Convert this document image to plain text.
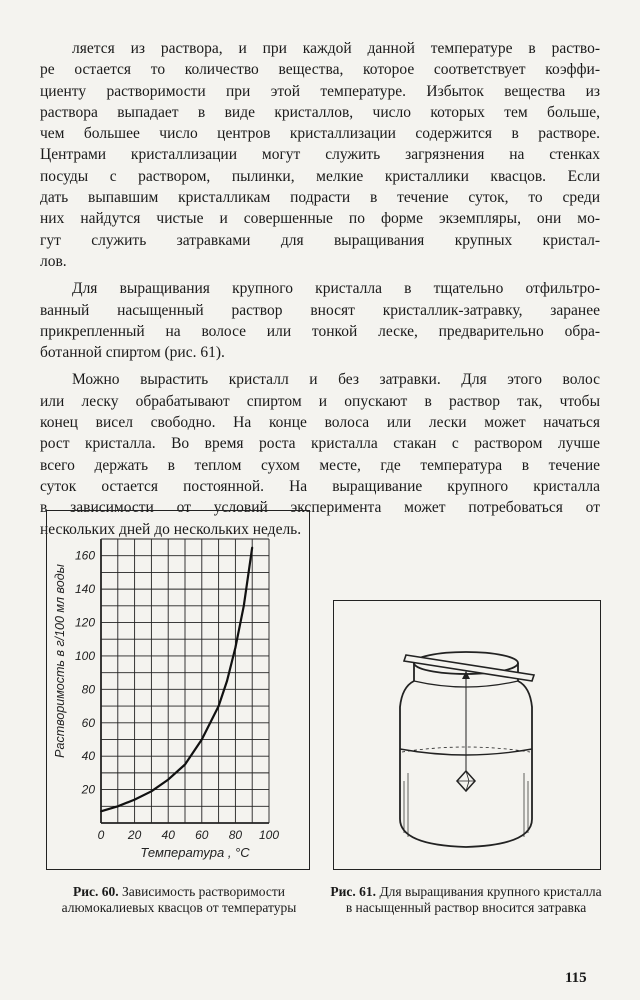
ляется из раствора, и при каждой данной температуре в раство-
ре остается то количество вещества, которое соответствует коэффи-
циенту растворимости при этой температуре. Избыток вещества из
раствора выпадает в виде кристаллов, число которых тем больше,
чем большее число центров кристаллизации содержится в растворе.
Центрами кристаллизации могут служить загрязнения на стенках
посуды с раствором, пылинки, мелкие кристаллики квасцов. Если
дать выпавшим кристалликам подрасти в течение суток, то среди
них найдутся чистые и совершенные по форме экземпляры, они мо-
гут служить затравками для выращивания крупных кристал-
лов.
Для выращивания крупного кристалла в тщательно отфильтро-
ванный насыщенный раствор вносят кристаллик-затравку, заранее
прикрепленный на волосе или тонкой леске, предварительно обра-
ботанной спиртом (рис. 61).
Можно вырастить кристалл и без затравки. Для этого волос
или леску обрабатывают спиртом и опускают в раствор так, чтобы
конец висел свободно. На конце волоса или лески может начаться
рост кристалла. Во время роста кристалла стакан с раствором лучше
всего держать в теплом сухом месте, где температура в течение
суток остается постоянной. На выращивание крупного кристалла
в зависимости от условий эксперимента может потребоваться от
нескольких дней до нескольких недель.
0 20 40 60 80 100
20
40
60
80
100
120
140
160
Температура , °С
Растворимость в г/100 мл воды
Рис. 60. Зависимость растворимости алюмокалиевых квасцов от температуры
Рис. 61. Для выращивания крупного кристалла в насыщенный раствор вносится затравка
115
